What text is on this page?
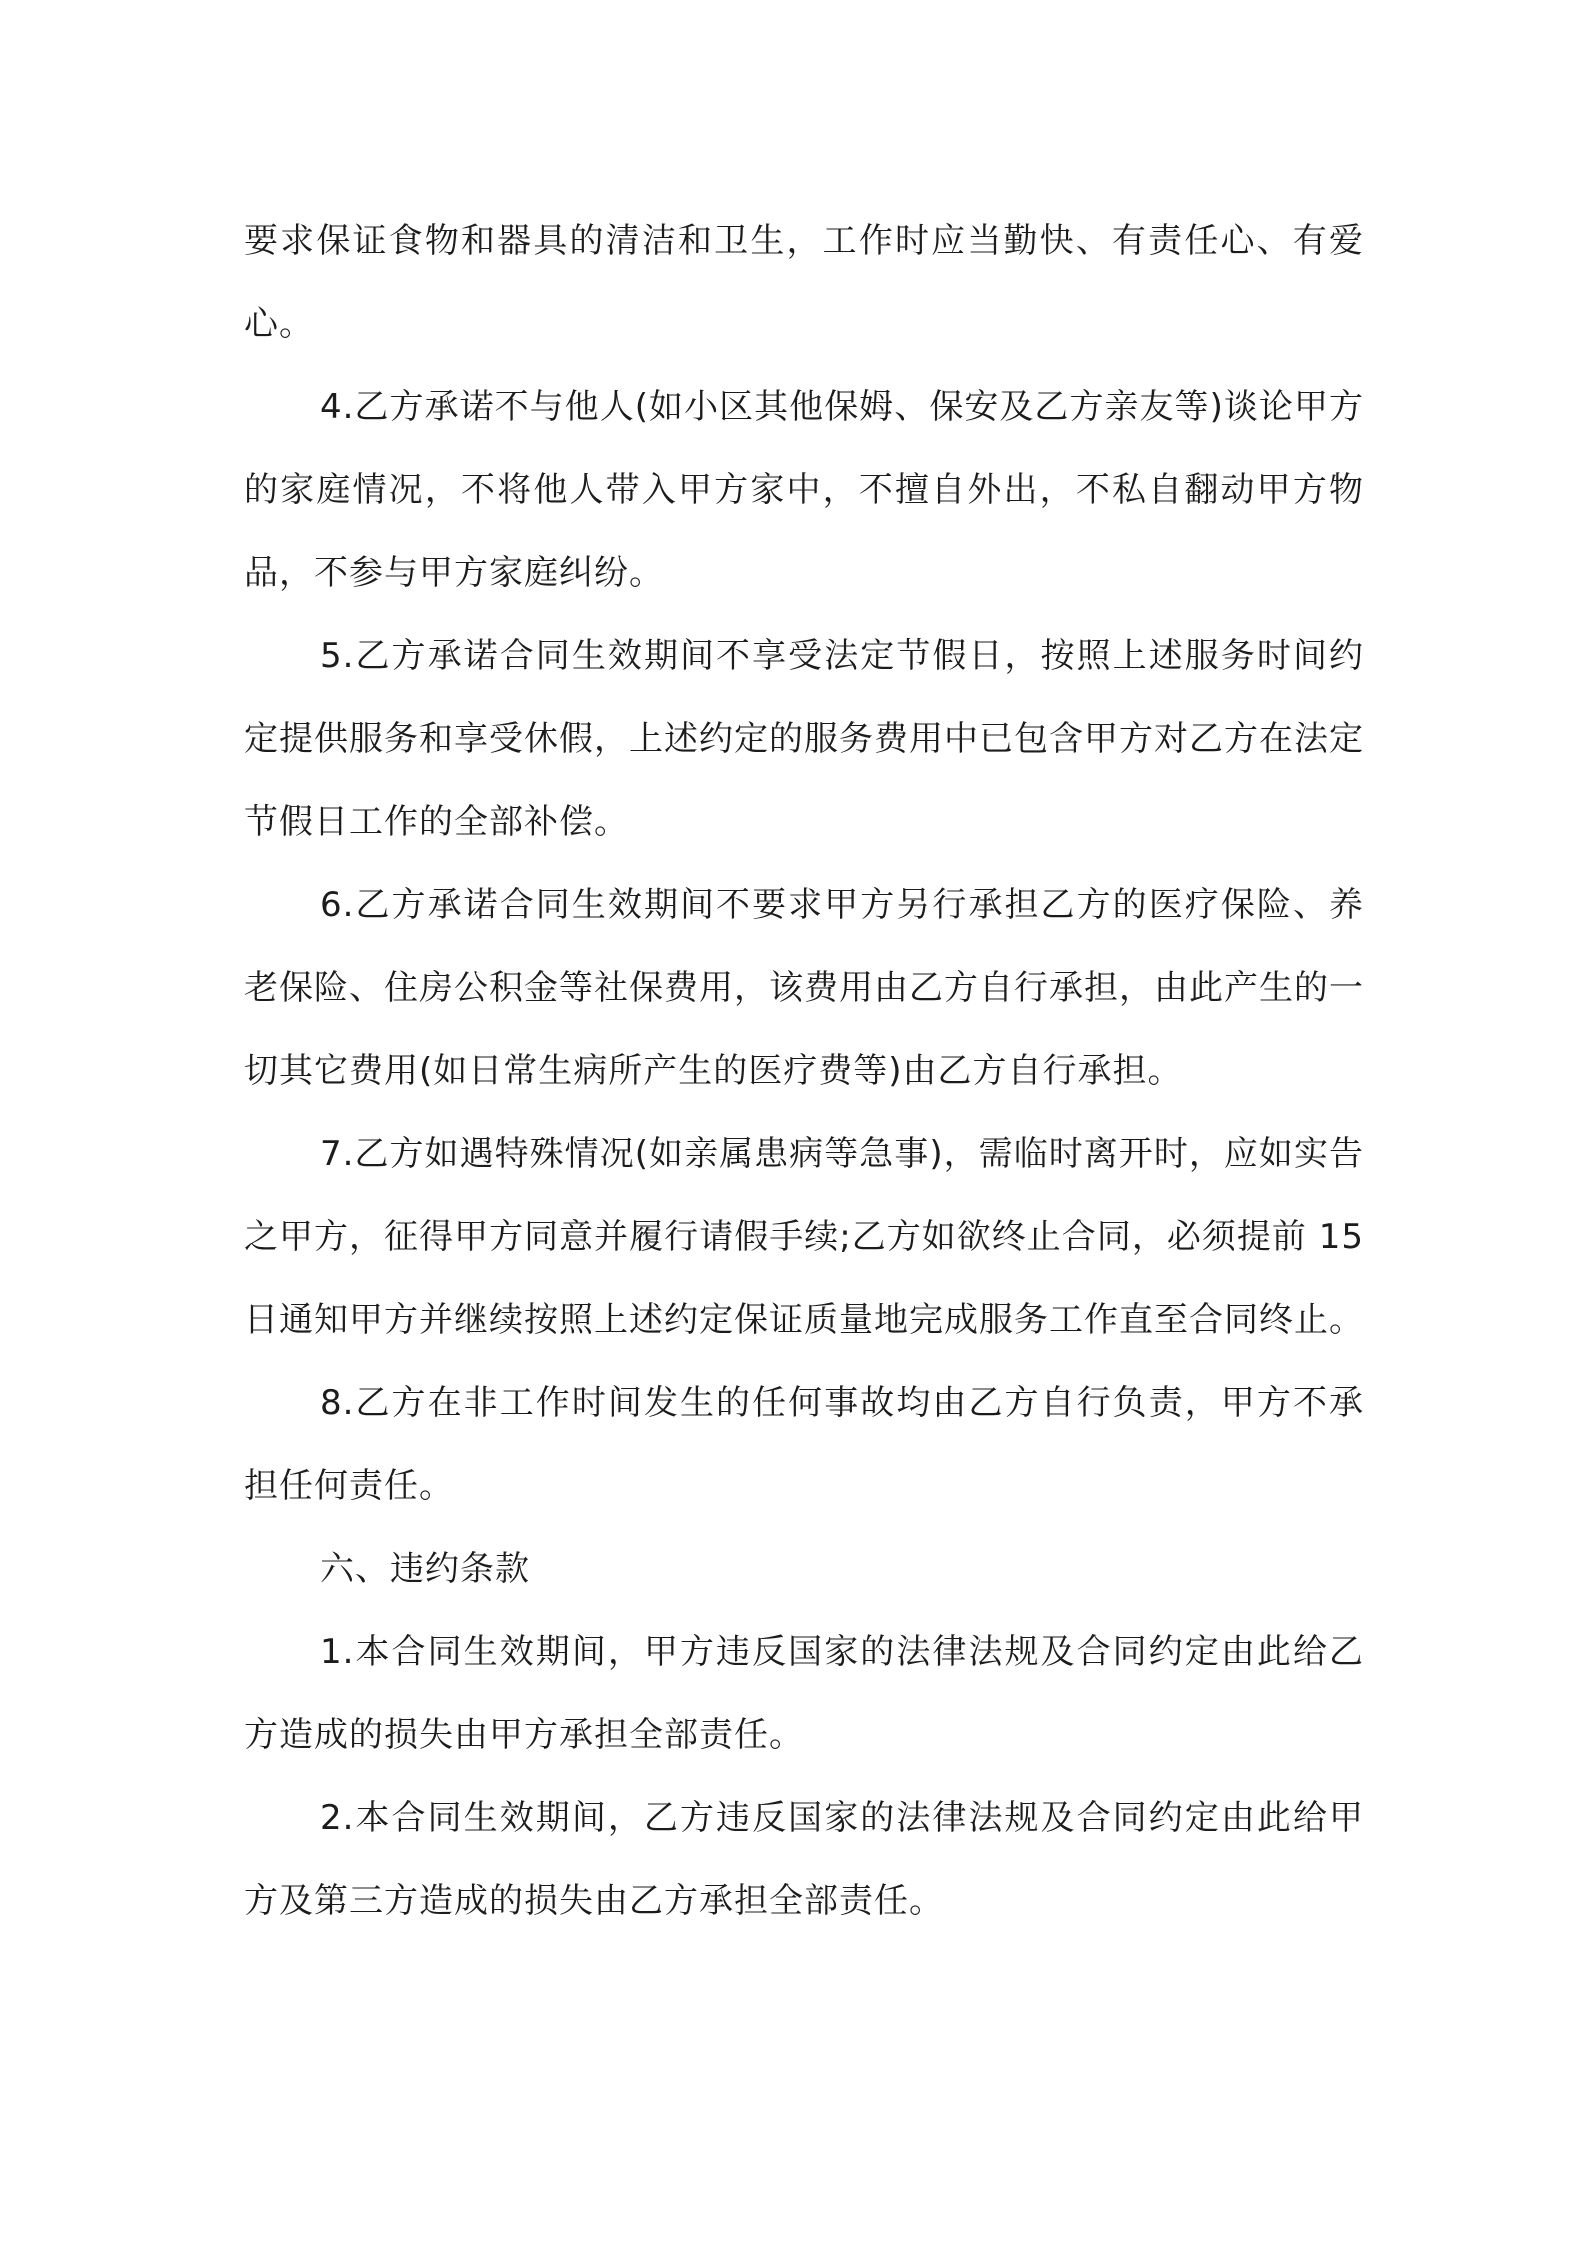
要求保证食物和器具的清洁和卫生，工作时应当勤快、有责任心、有爱心。

4.乙方承诺不与他人(如小区其他保姆、保安及乙方亲友等)谈论甲方的家庭情况，不将他人带入甲方家中，不擅自外出，不私自翻动甲方物品，不参与甲方家庭纠纷。

5.乙方承诺合同生效期间不享受法定节假日，按照上述服务时间约定提供服务和享受休假，上述约定的服务费用中已包含甲方对乙方在法定节假日工作的全部补偿。

6.乙方承诺合同生效期间不要求甲方另行承担乙方的医疗保险、养老保险、住房公积金等社保费用，该费用由乙方自行承担，由此产生的一切其它费用(如日常生病所产生的医疗费等)由乙方自行承担。

7.乙方如遇特殊情况(如亲属患病等急事)，需临时离开时，应如实告之甲方，征得甲方同意并履行请假手续;乙方如欲终止合同，必须提前 15 日通知甲方并继续按照上述约定保证质量地完成服务工作直至合同终止。

8.乙方在非工作时间发生的任何事故均由乙方自行负责，甲方不承担任何责任。

六、违约条款

1.本合同生效期间，甲方违反国家的法律法规及合同约定由此给乙方造成的损失由甲方承担全部责任。

2.本合同生效期间，乙方违反国家的法律法规及合同约定由此给甲方及第三方造成的损失由乙方承担全部责任。
